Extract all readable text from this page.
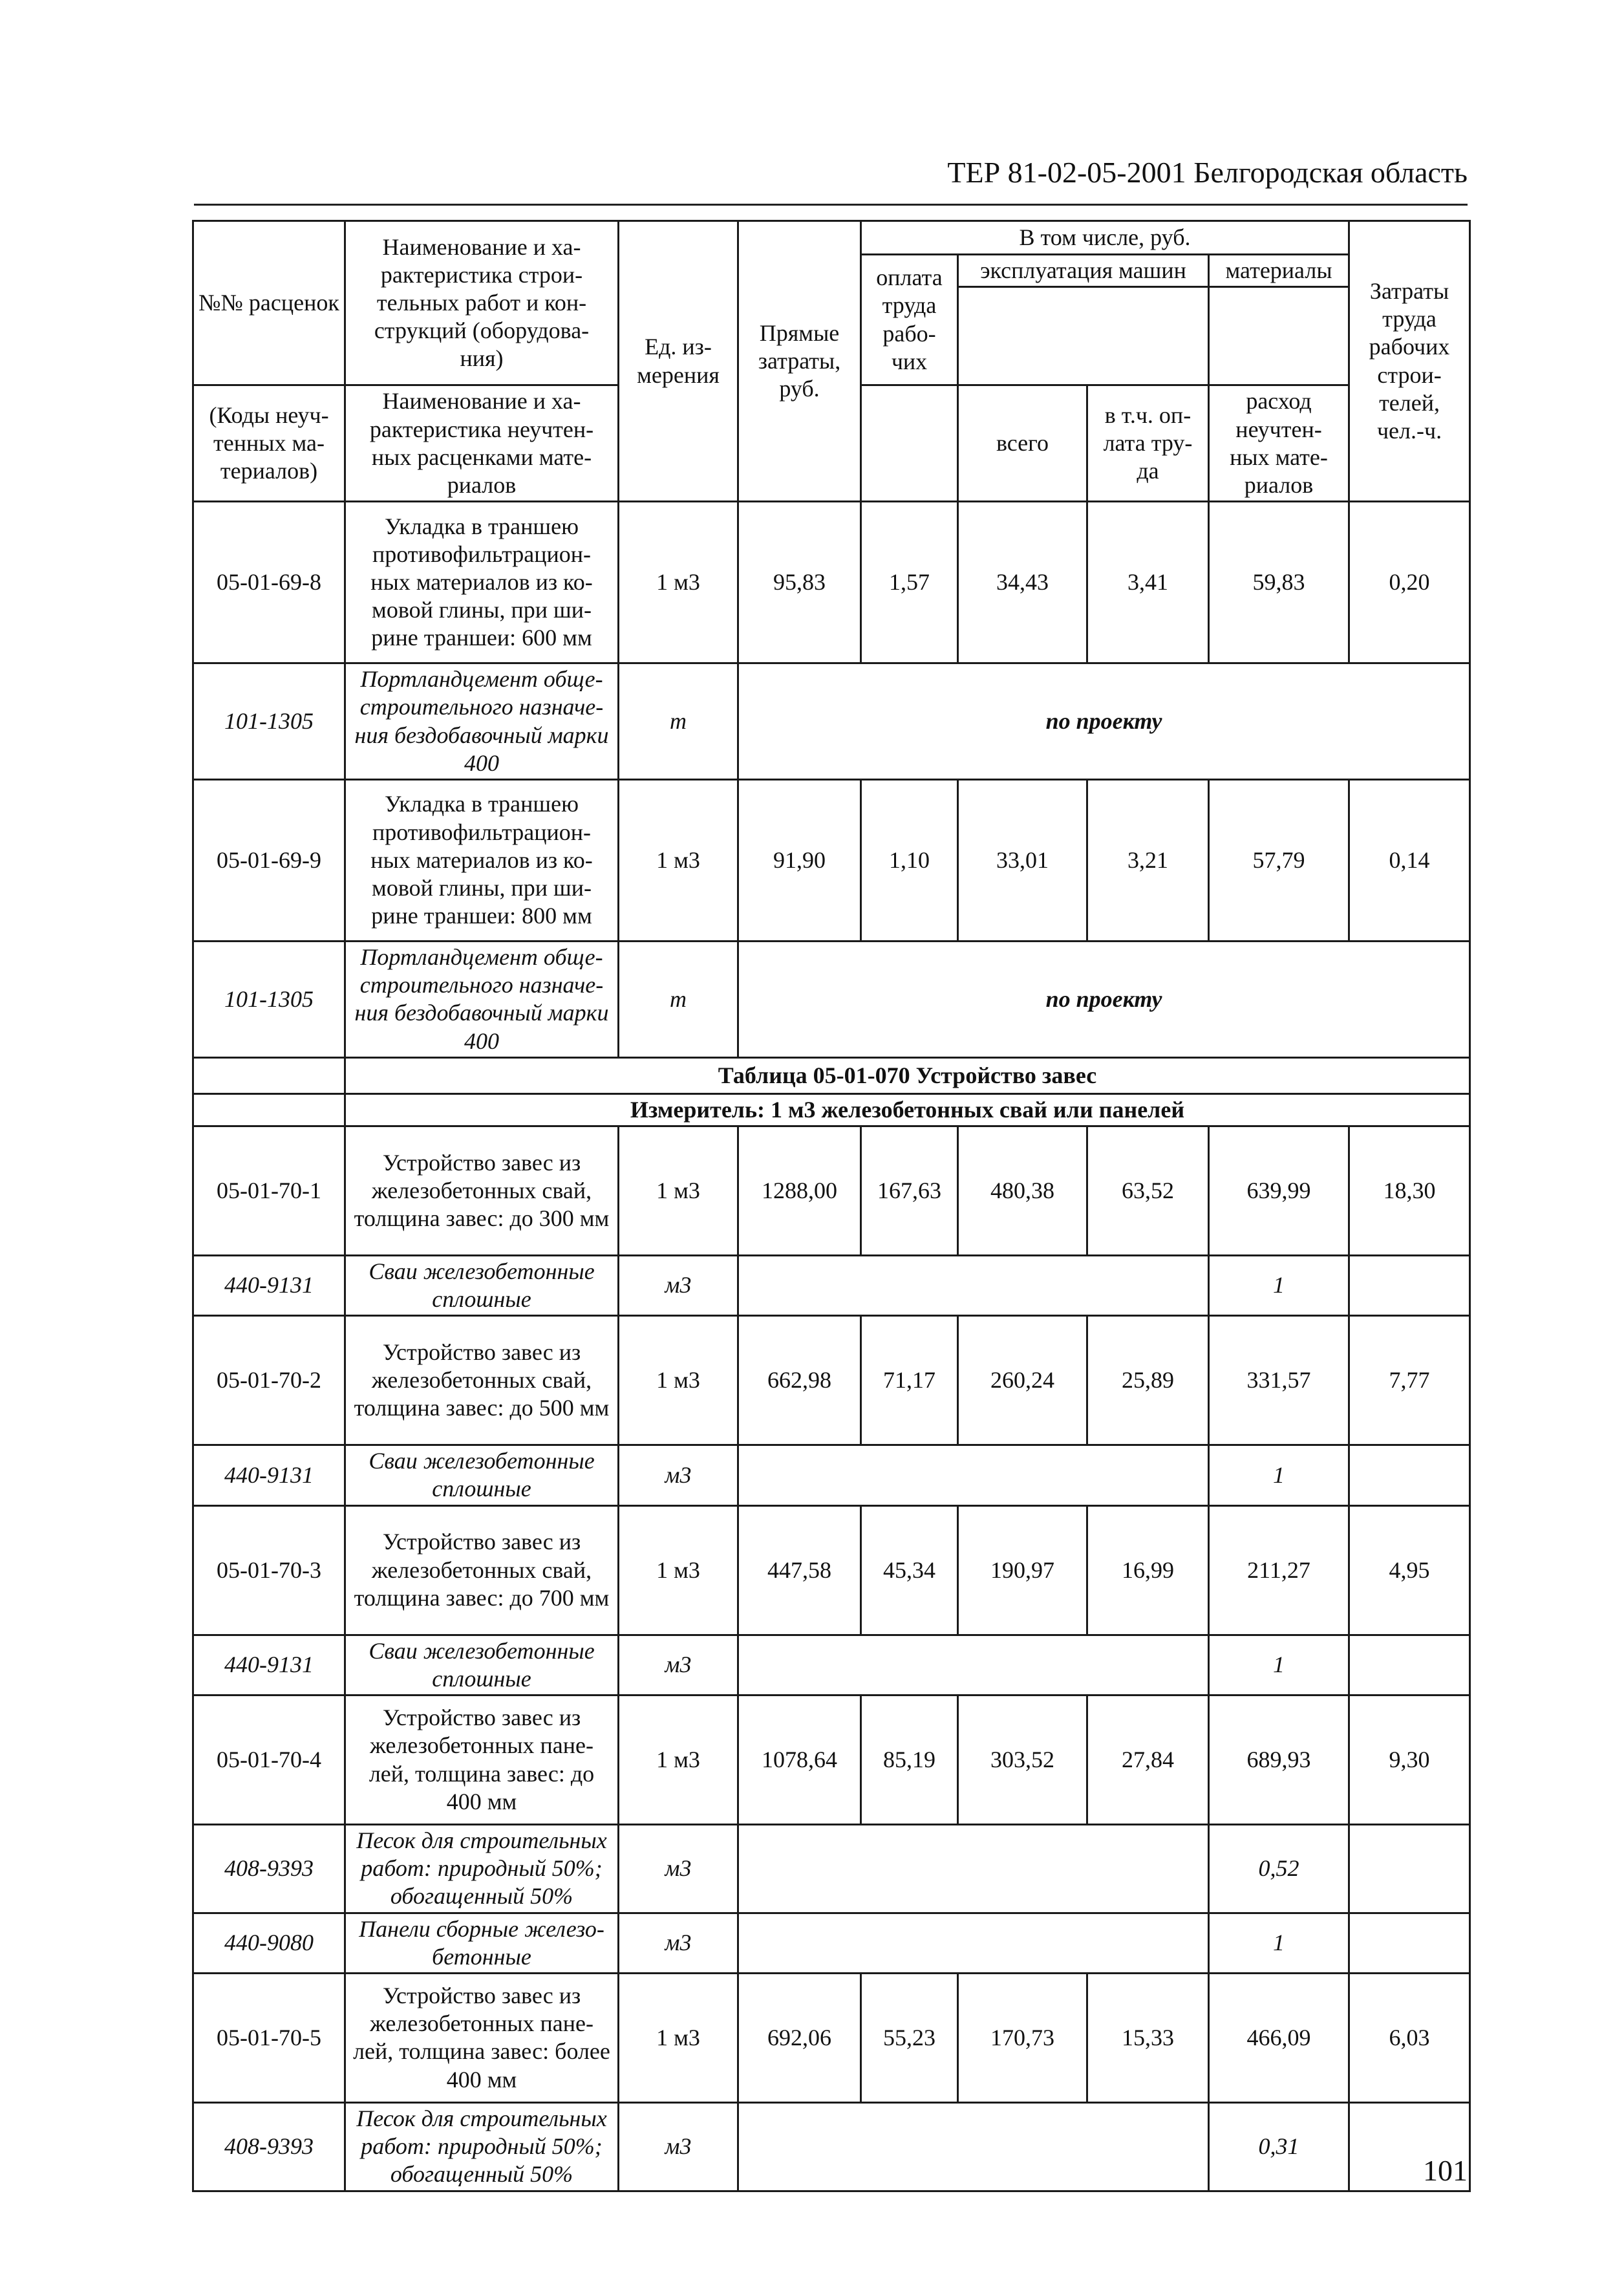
ТЕР 81-02-05-2001 Белгородская область
№№ расценок	Наименование и ха- рактеристика строи- тельных работ и кон- струкций (оборудова- ния)	Ед. из- мерения	Прямые затраты, руб.	В том числе, руб.				Затраты труда рабочих строи- телей, чел.-ч.
				оплата труда рабо- чих	эксплуатация машин		материалы	

(Коды неуч- тенных ма- териалов)	Наименование и ха- рактеристика неучтен- ных расценками мате- риалов				всего	в т.ч. оп- лата тру- да	расход неучтен- ных мате- риалов	

05-01-69-8	Укладка в траншею противофильтрацион- ных материалов из ко- мовой глины, при ши- рине траншеи: 600 мм	1 м3	95,83	1,57	34,43	3,41	59,83	0,20
101-1305	Портландцемент обще- строительного назначе- ния бездобавочный марки 400	т	по проекту					
05-01-69-9	Укладка в траншею противофильтрацион- ных материалов из ко- мовой глины, при ши- рине траншеи: 800 мм	1 м3	91,90	1,10	33,01	3,21	57,79	0,14
101-1305	Портландцемент обще- строительного назначе- ния бездобавочный марки 400	т	по проекту					
	Таблица 05-01-070 Устройство завес							
	Измеритель: 1 м3 железобетонных свай или панелей							
05-01-70-1	Устройство завес из железобетонных свай, толщина завес: до 300 мм	1 м3	1288,00	167,63	480,38	63,52	639,99	18,30
440-9131	Сваи железобетонные сплошные	м3					1	
05-01-70-2	Устройство завес из железобетонных свай, толщина завес: до 500 мм	1 м3	662,98	71,17	260,24	25,89	331,57	7,77
440-9131	Сваи железобетонные сплошные	м3					1	
05-01-70-3	Устройство завес из железобетонных свай, толщина завес: до 700 мм	1 м3	447,58	45,34	190,97	16,99	211,27	4,95
440-9131	Сваи железобетонные сплошные	м3					1	
05-01-70-4	Устройство завес из железобетонных пане- лей, толщина завес: до 400 мм	1 м3	1078,64	85,19	303,52	27,84	689,93	9,30
408-9393	Песок для строительных работ: природный 50%; обогащенный 50%	м3					0,52	
440-9080	Панели сборные железо- бетонные	м3					1	
05-01-70-5	Устройство завес из железобетонных пане- лей, толщина завес: более 400 мм	1 м3	692,06	55,23	170,73	15,33	466,09	6,03
408-9393	Песок для строительных работ: природный 50%; обогащенный 50%	м3					0,31	
101
